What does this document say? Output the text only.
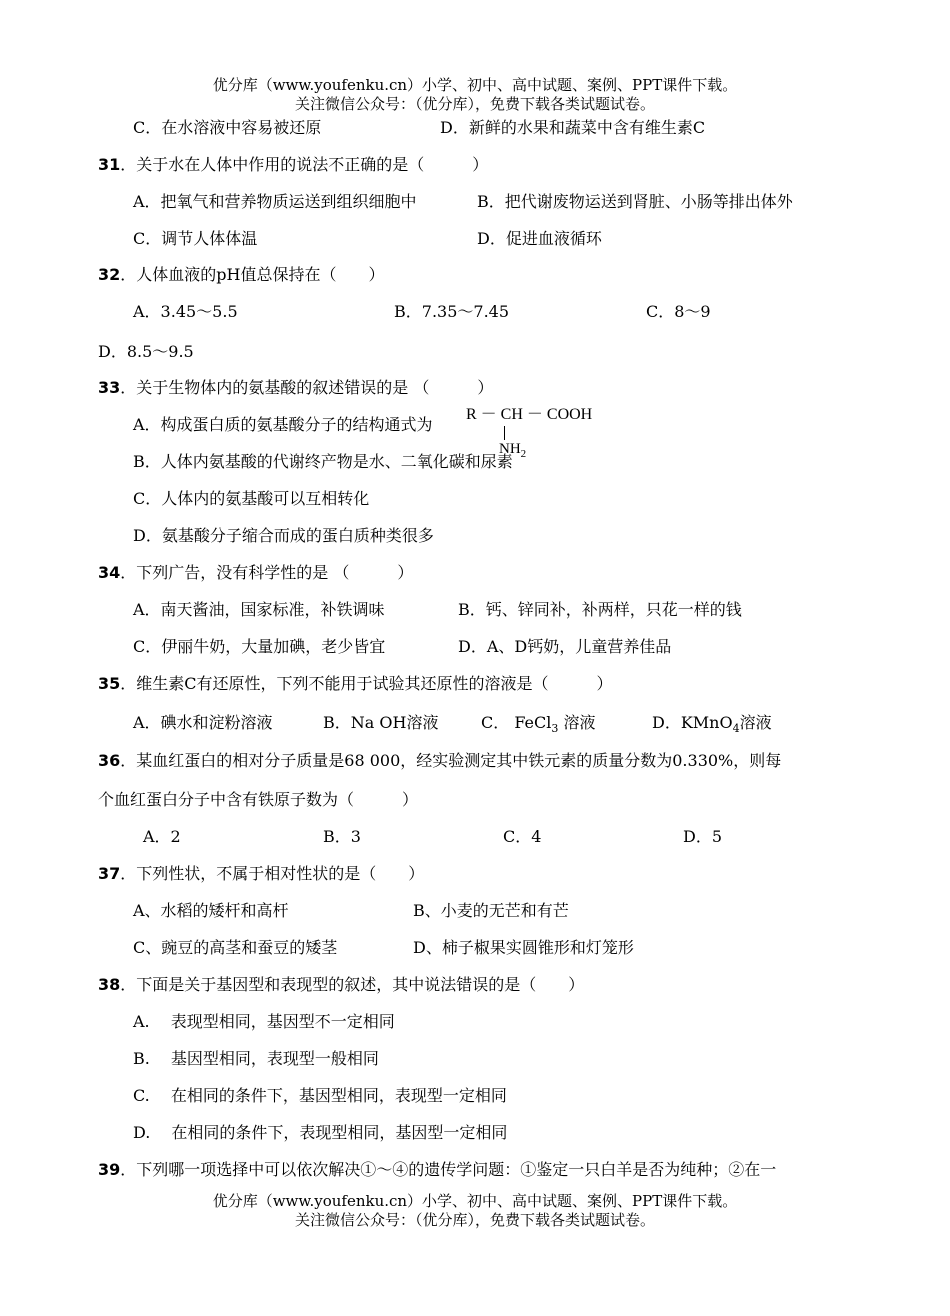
优分库（www.youfenku.cn）小学、初中、高中试题、案例、PPT课件下载。
关注微信公众号：（优分库），免费下载各类试题试卷。
C．在水溶液中容易被还原	D．新鲜的水果和蔬菜中含有维生素C
31．关于水在人体中作用的说法不正确的是（　　　）
A．把氧气和营养物质运送到组织细胞中	B．把代谢废物运送到肾脏、小肠等排出体外
C．调节人体体温	D．促进血液循环
32．人体血液的pH值总保持在（　　）
A．3.45～5.5	B．7.35～7.45	C．8～9
D．8.5～9.5
33．关于生物体内的氨基酸的叙述错误的是 （　　　）
A．构成蛋白质的氨基酸分子的结构通式为
R － CH － COOH
$NH_2$
B．人体内氨基酸的代谢终产物是水、二氧化碳和尿素
C．人体内的氨基酸可以互相转化
D．氨基酸分子缩合而成的蛋白质种类很多
34．下列广告，没有科学性的是 （　　　）
A．南天酱油，国家标准，补铁调味	B．钙、锌同补，补两样，只花一样的钱
C．伊丽牛奶，大量加碘，老少皆宜	D．A、D钙奶，儿童营养佳品
35．维生素C有还原性，下列不能用于试验其还原性的溶液是（　　　）
A．碘水和淀粉溶液	B．Na OH溶液	C． FeCl$_3$ 溶液	D．KMnO$_4$溶液
36．某血红蛋白的相对分子质量是68 000，经实验测定其中铁元素的质量分数为0.330%，则每
个血红蛋白分子中含有铁原子数为（　　　）
A．2	B．3	C．4	D．5
37．下列性状，不属于相对性状的是（　　）
A、水稻的矮杆和高杆	B、小麦的无芒和有芒
C、豌豆的高茎和蚕豆的矮茎	D、柿子椒果实圆锥形和灯笼形
38．下面是关于基因型和表现型的叙述，其中说法错误的是（　　）
A.　 表现型相同，基因型不一定相同
B.　 基因型相同，表现型一般相同
C.　 在相同的条件下，基因型相同，表现型一定相同
D.　 在相同的条件下，表现型相同，基因型一定相同
39．下列哪一项选择中可以依次解决①～④的遗传学问题：①鉴定一只白羊是否为纯种；②在一
优分库（www.youfenku.cn）小学、初中、高中试题、案例、PPT课件下载。
关注微信公众号：（优分库），免费下载各类试题试卷。
